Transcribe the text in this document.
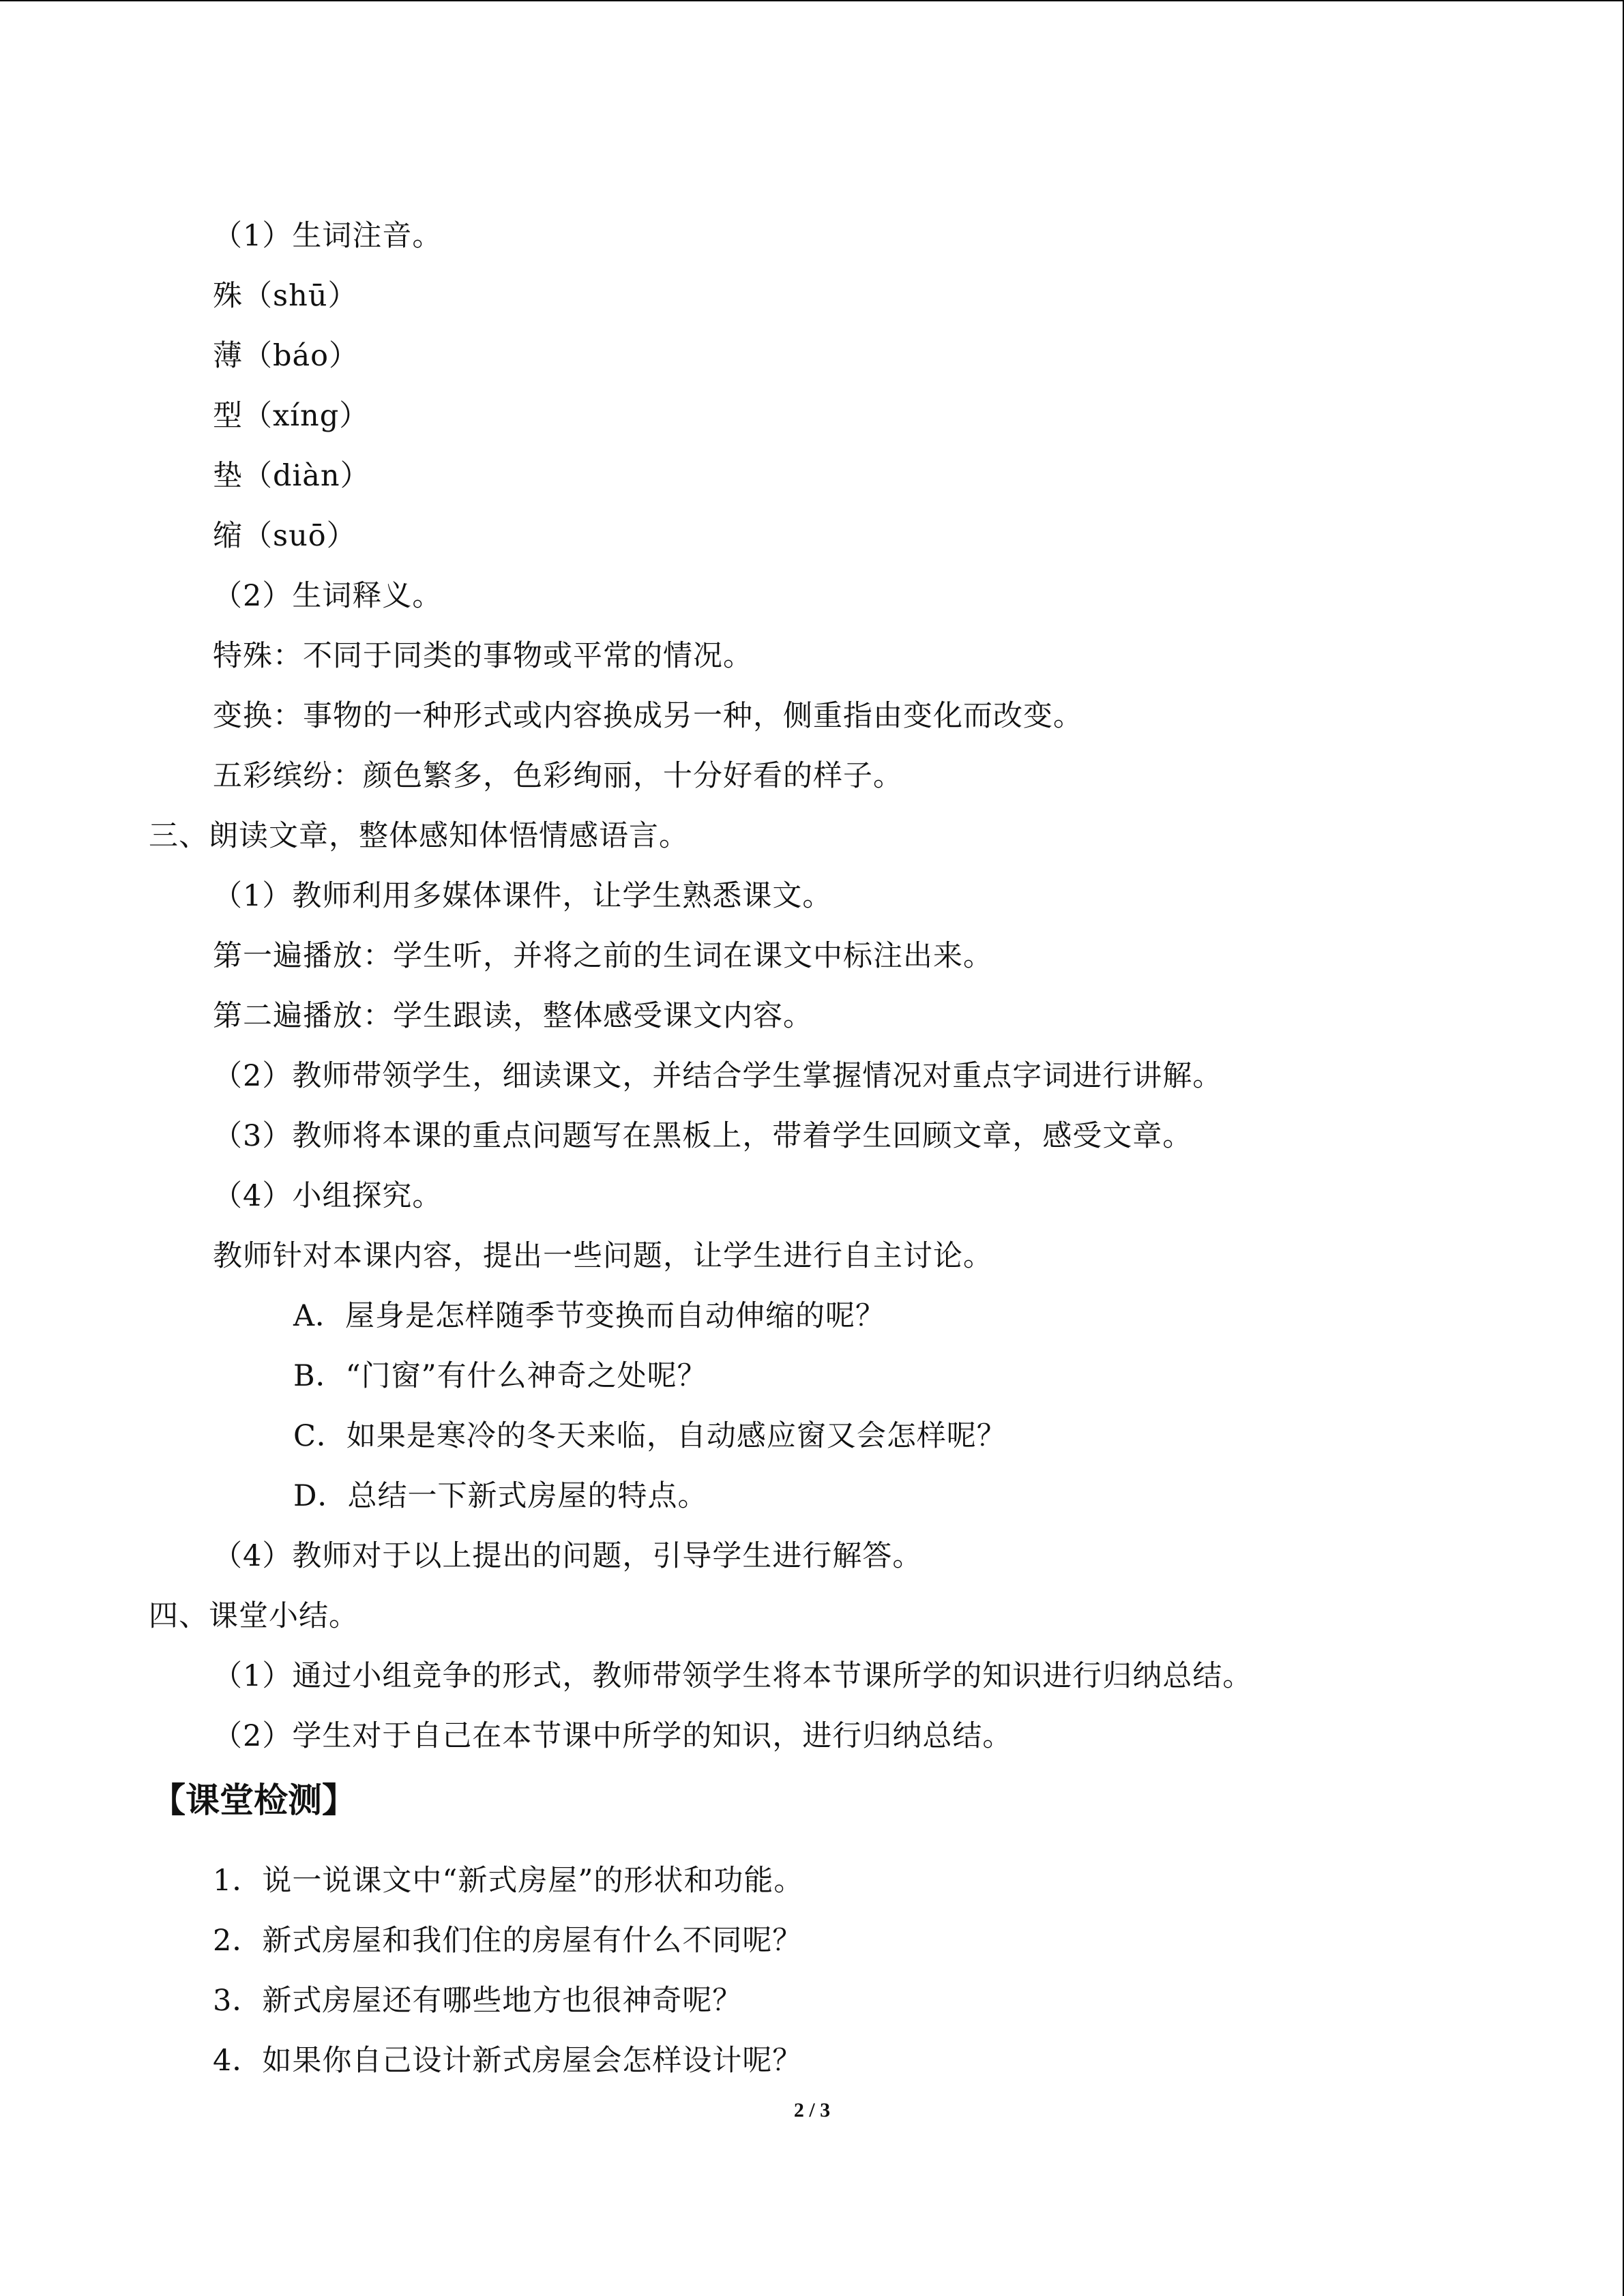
（1）生词注音。
殊（shū）
薄（báo）
型（xíng）
垫（diàn）
缩（suō）
（2）生词释义。
特殊：不同于同类的事物或平常的情况。
变换：事物的一种形式或内容换成另一种，侧重指由变化而改变。
五彩缤纷：颜色繁多，色彩绚丽，十分好看的样子。
三、朗读文章，整体感知体悟情感语言。
（1）教师利用多媒体课件，让学生熟悉课文。
第一遍播放：学生听，并将之前的生词在课文中标注出来。
第二遍播放：学生跟读，整体感受课文内容。
（2）教师带领学生，细读课文，并结合学生掌握情况对重点字词进行讲解。
（3）教师将本课的重点问题写在黑板上，带着学生回顾文章，感受文章。
（4）小组探究。
教师针对本课内容，提出一些问题，让学生进行自主讨论。
A．屋身是怎样随季节变换而自动伸缩的呢？
B．“门窗”有什么神奇之处呢？
C．如果是寒冷的冬天来临，自动感应窗又会怎样呢？
D．总结一下新式房屋的特点。
（4）教师对于以上提出的问题，引导学生进行解答。
四、课堂小结。
（1）通过小组竞争的形式，教师带领学生将本节课所学的知识进行归纳总结。
（2）学生对于自己在本节课中所学的知识，进行归纳总结。
【课堂检测】
1．说一说课文中“新式房屋”的形状和功能。
2．新式房屋和我们住的房屋有什么不同呢？
3．新式房屋还有哪些地方也很神奇呢？
4．如果你自己设计新式房屋会怎样设计呢？
2 / 3
